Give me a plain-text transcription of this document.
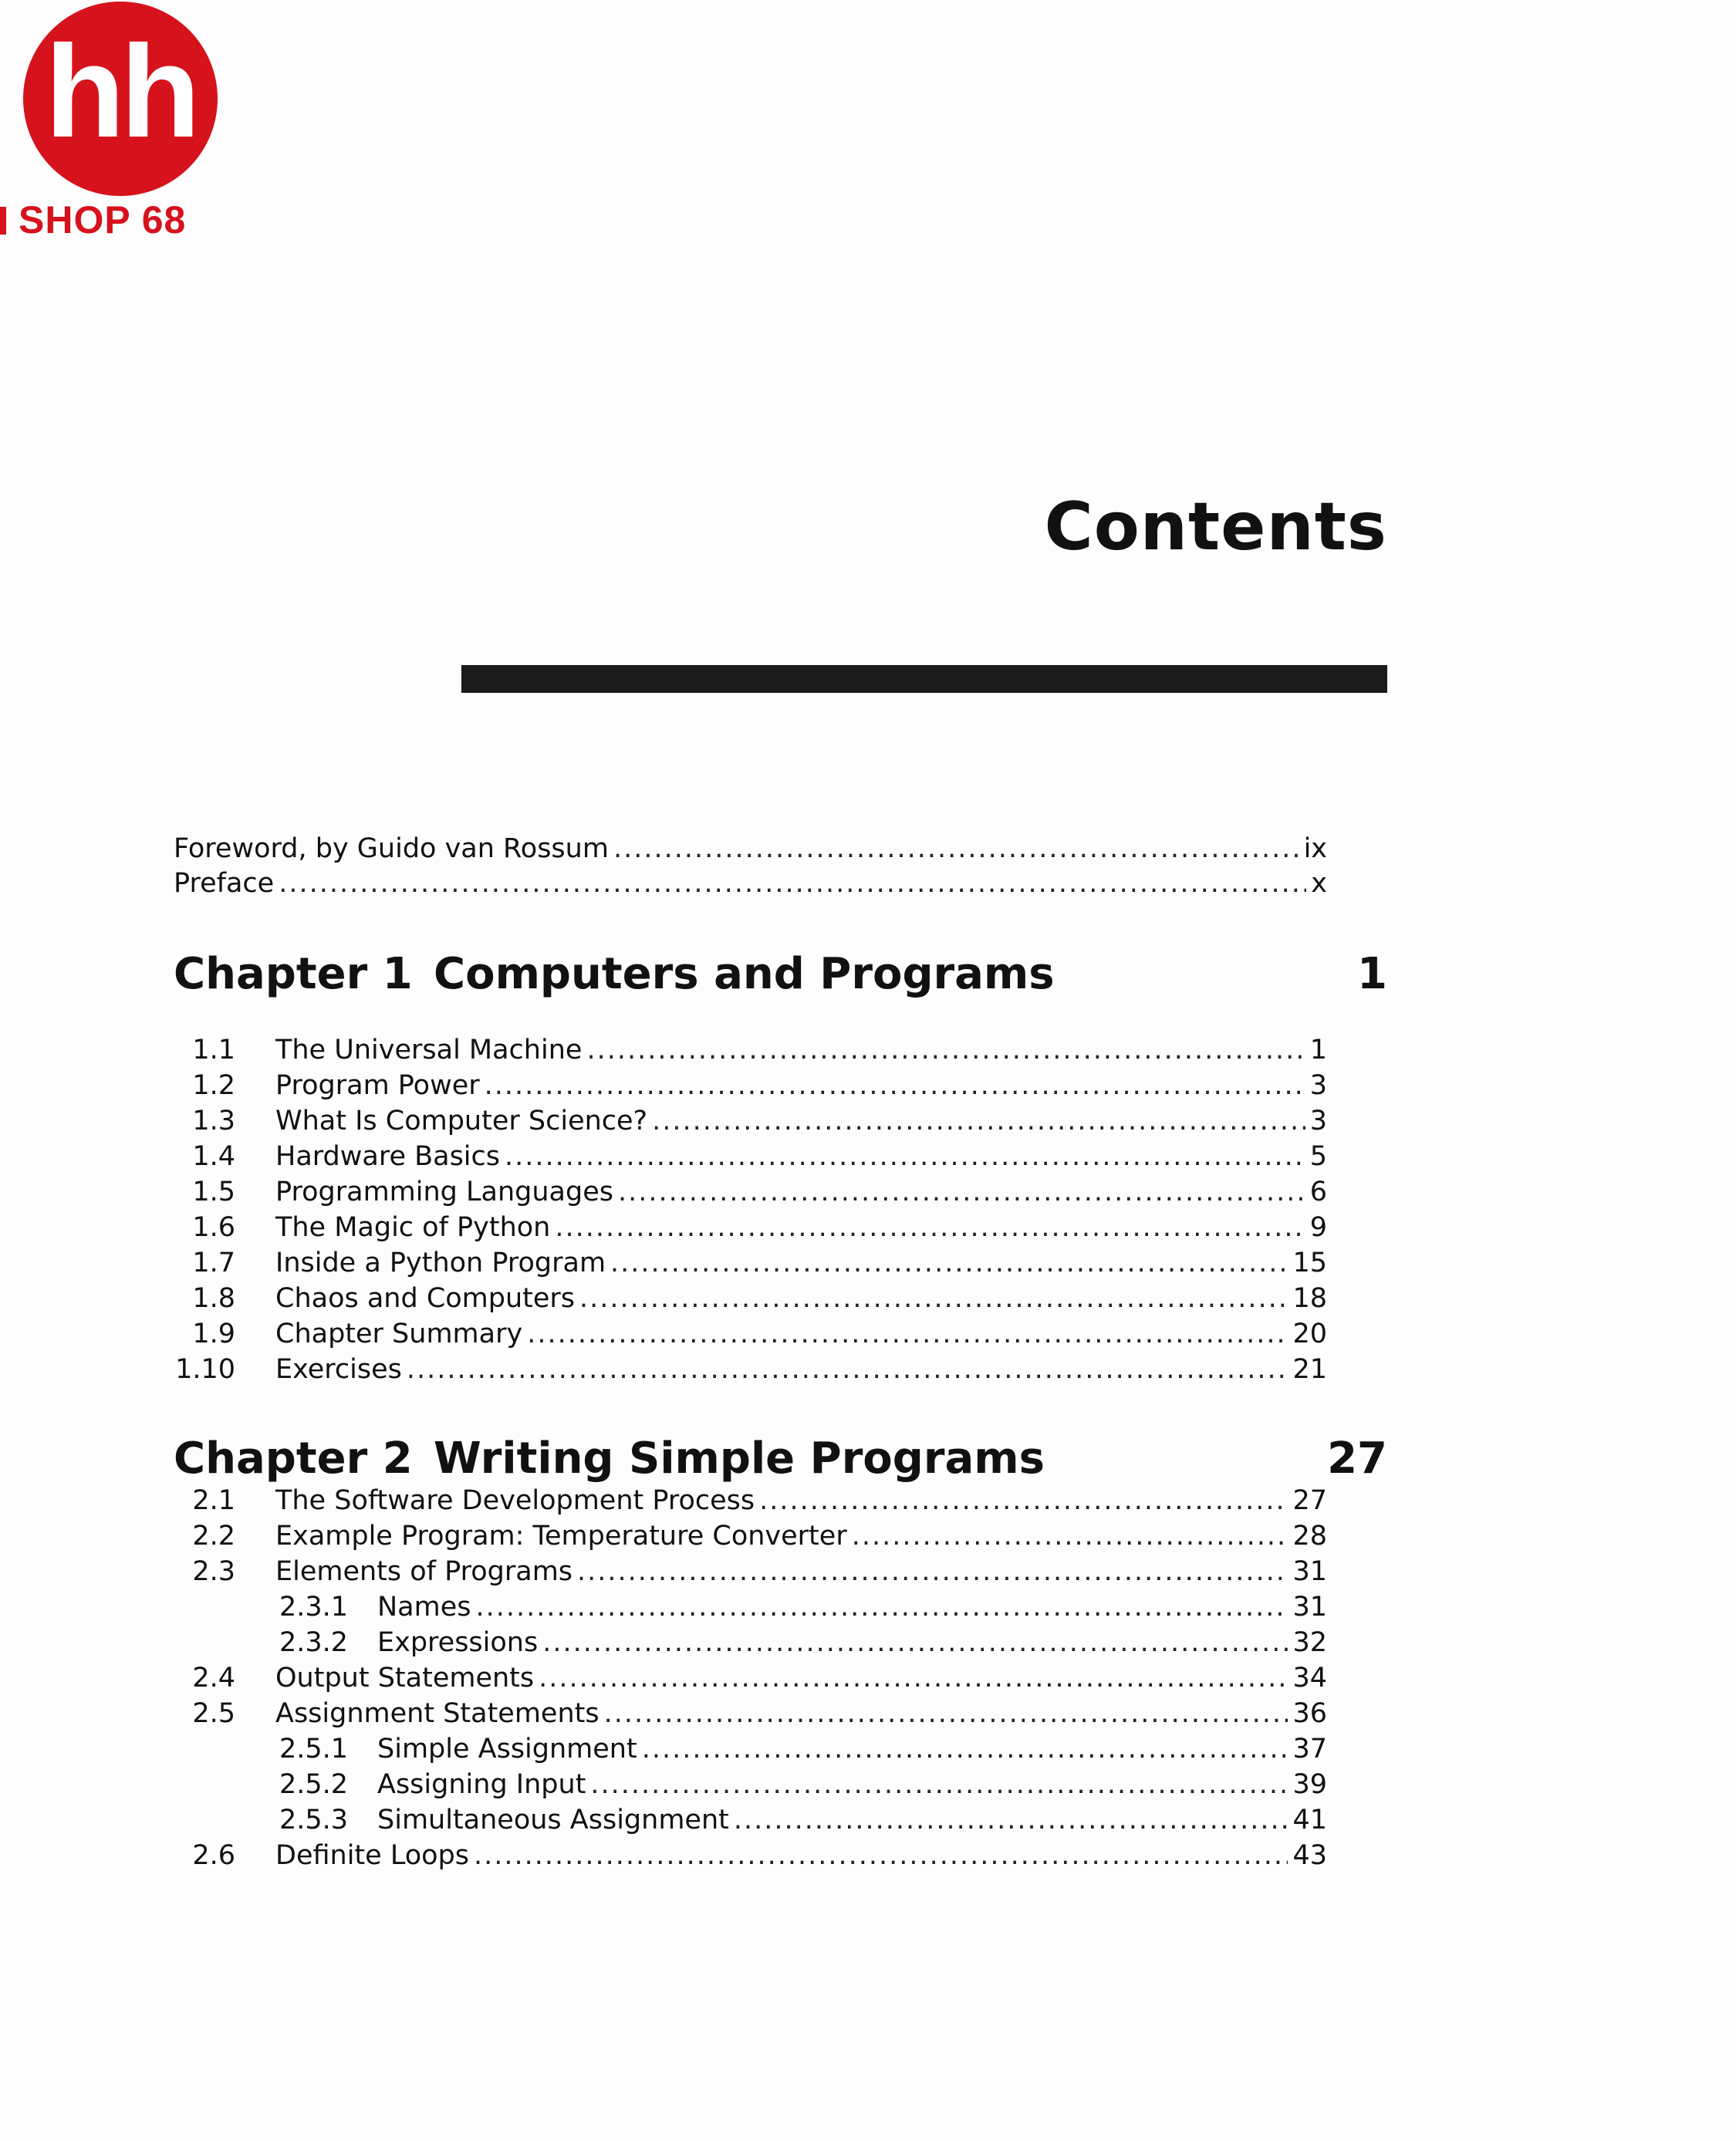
hh
SHOP 68
Contents
Foreword, by Guido van Rossum .....	ix
Preface .....	x
Chapter 1 Computers and Programs	1
1.1 The Universal Machine .....	1
1.2 Program Power .....	3
1.3 What Is Computer Science? .....	3
1.4 Hardware Basics .....	5
1.5 Programming Languages .....	6
1.6 The Magic of Python .....	9
1.7 Inside a Python Program .....	15
1.8 Chaos and Computers .....	18
1.9 Chapter Summary .....	20
1.10 Exercises .....	21
Chapter 2 Writing Simple Programs	27
2.1 The Software Development Process .....	27
2.2 Example Program: Temperature Converter .....	28
2.3 Elements of Programs .....	31
2.3.1 Names .....	31
2.3.2 Expressions .....	32
2.4 Output Statements .....	34
2.5 Assignment Statements .....	36
2.5.1 Simple Assignment .....	37
2.5.2 Assigning Input .....	39
2.5.3 Simultaneous Assignment .....	41
2.6 Definite Loops .....	43
